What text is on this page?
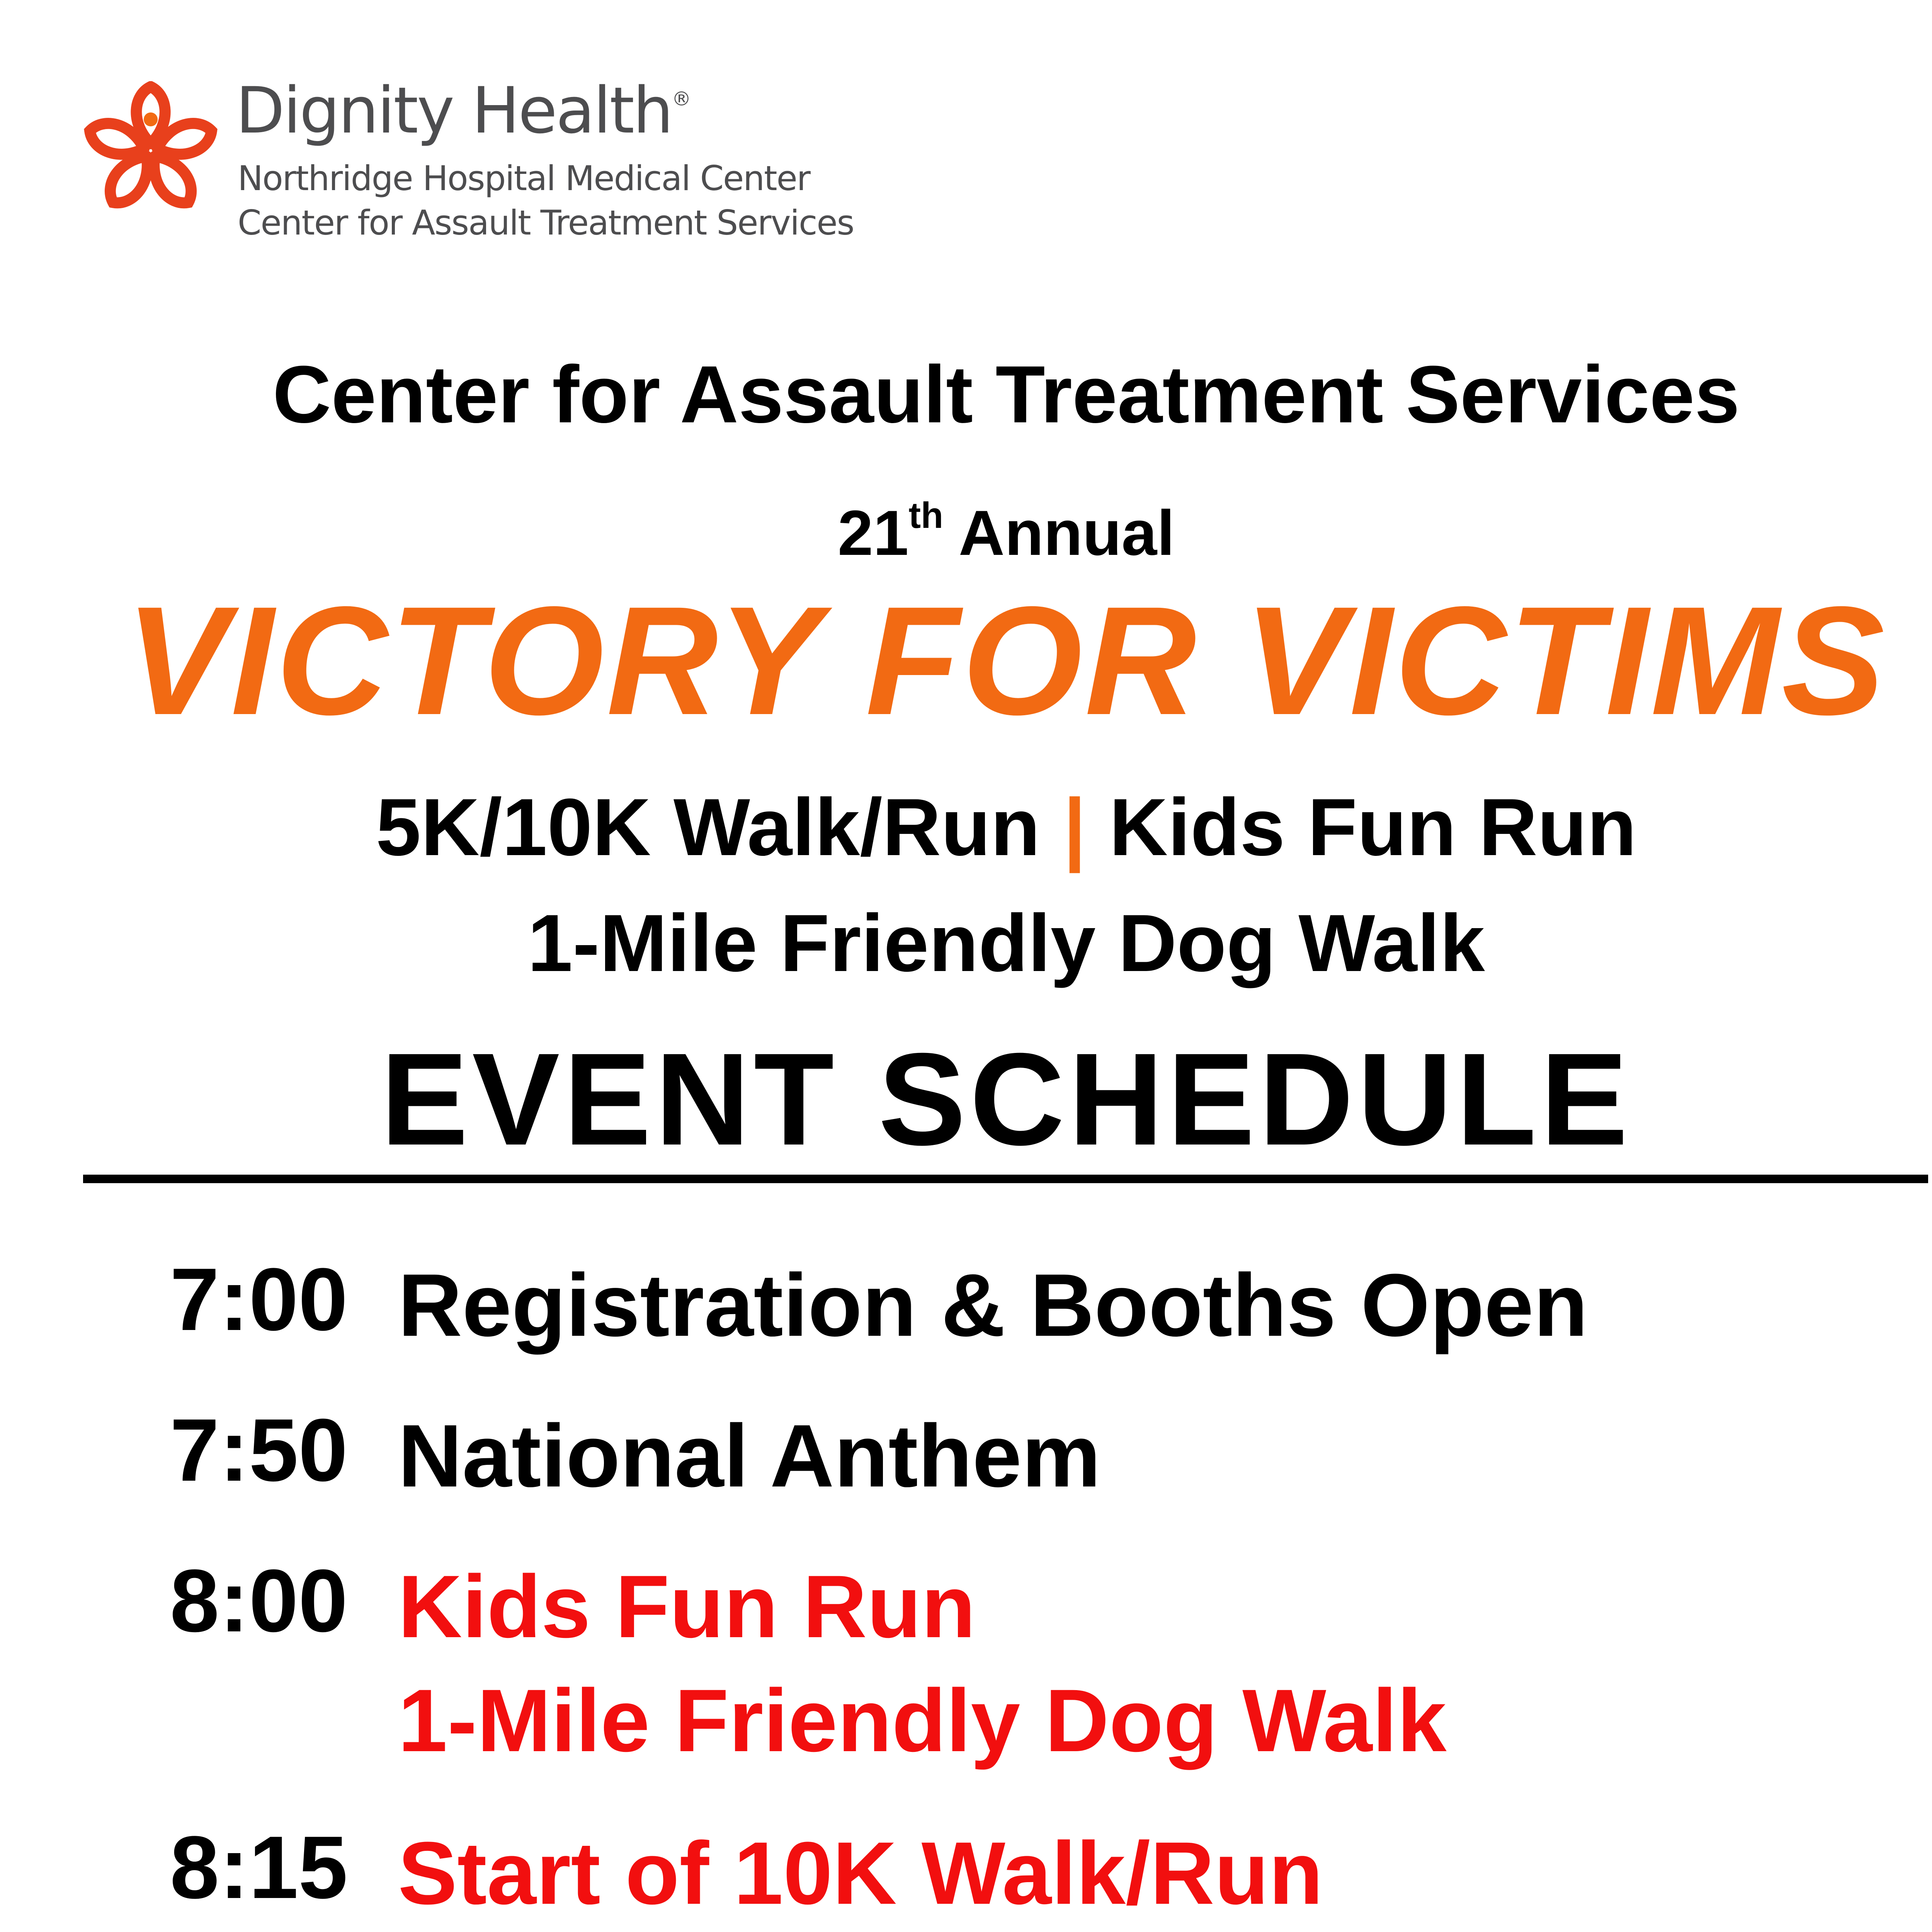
Dignity Health®
Northridge Hospital Medical Center
Center for Assault Treatment Services
Center for Assault Treatment Services
21th Annual
VICTORY FOR VICTIMS
5K/10K Walk/Run | Kids Fun Run
1-Mile Friendly Dog Walk
EVENT SCHEDULE
7:00 Registration & Booths Open
7:50 National Anthem
8:00 Kids Fun Run
1-Mile Friendly Dog Walk
8:15 Start of 10K Walk/Run
